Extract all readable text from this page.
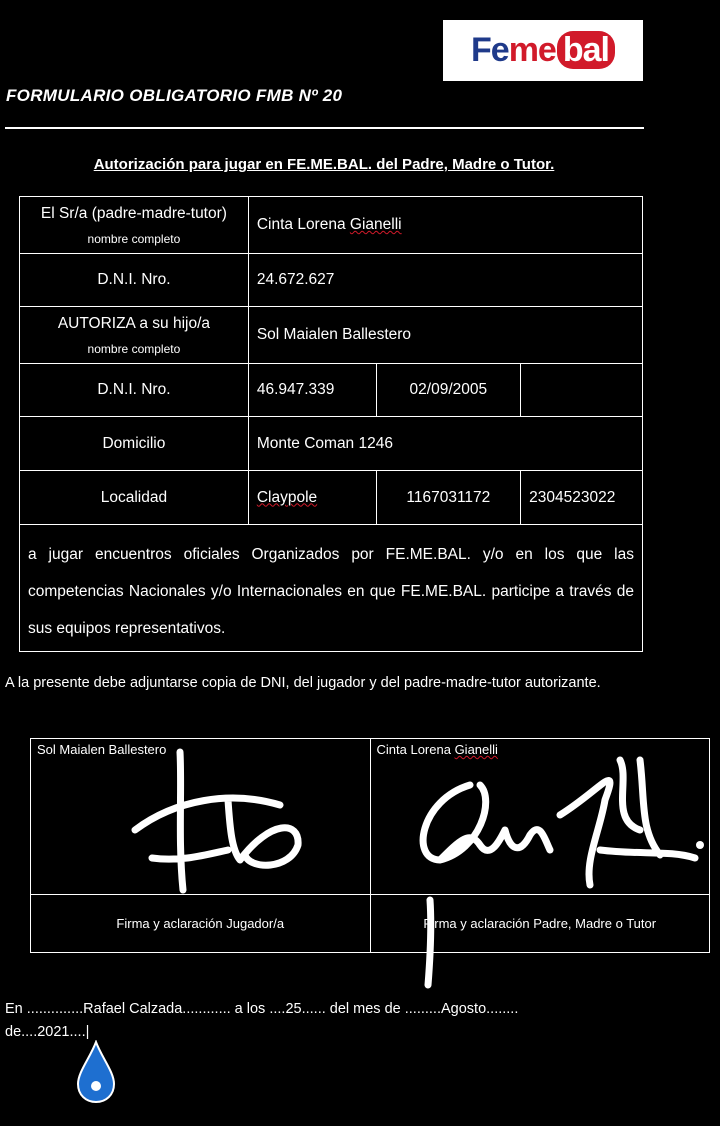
Feme bal
FORMULARIO OBLIGATORIO FMB Nº 20
Autorización para jugar en FE.ME.BAL. del Padre, Madre o Tutor.
El Sr/a (padre-madre-tutor)
nombre completo	Cinta Lorena Gianelli		
D.N.I. Nro.	24.672.627		

AUTORIZA a su hijo/a
nombre completo	Sol Maialen Ballestero		
D.N.I. Nro.	46.947.339	02/09/2005	
Domicilio	Monte Coman 1246		
Localidad	Claypole	1167031172	2304523022
a jugar encuentros oficiales Organizados por FE.ME.BAL. y/o en los que las competencias Nacionales y/o Internacionales en que FE.ME.BAL. participe a través de sus equipos representativos.			
A la presente debe adjuntarse copia de DNI, del jugador y del padre-madre-tutor autorizante.
Sol Maialen Ballestero	Cinta Lorena Gianelli
Firma y aclaración Jugador/a	Firma y aclaración Padre, Madre o Tutor
En ..............Rafael Calzada............ a los ....25...... del mes de .........Agosto........
de....2021....|
